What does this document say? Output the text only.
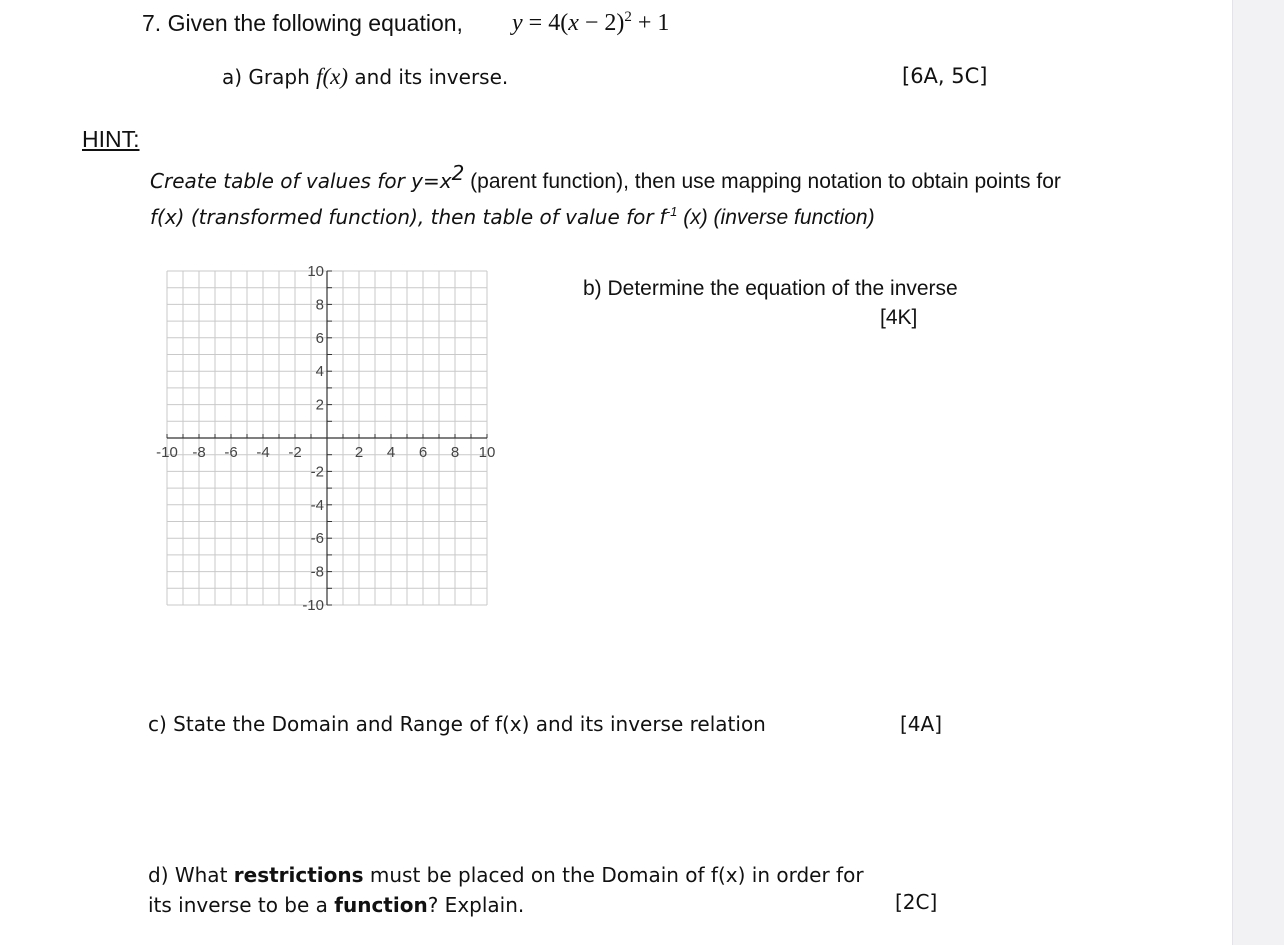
7. Given the following equation, $y = 4(x - 2)^2 + 1$
a) Graph f(x) and its inverse.	[6A, 5C]
HINT:
Create table of values for $y=x^2$ (parent function), then use mapping notation to obtain points for
f(x) (transformed function), then table of value for $f^{-1}$ (x) (inverse function)
-10 -8 -6 -4 -2	2 4 6 8 10
10
8
6
4
2
-2
-4
-6
-8
-10
b) Determine the equation of the inverse
[4K]
c) State the Domain and Range of f(x) and its inverse relation	[4A]
d) What restrictions must be placed on the Domain of f(x) in order for
its inverse to be a function? Explain.	[2C]
